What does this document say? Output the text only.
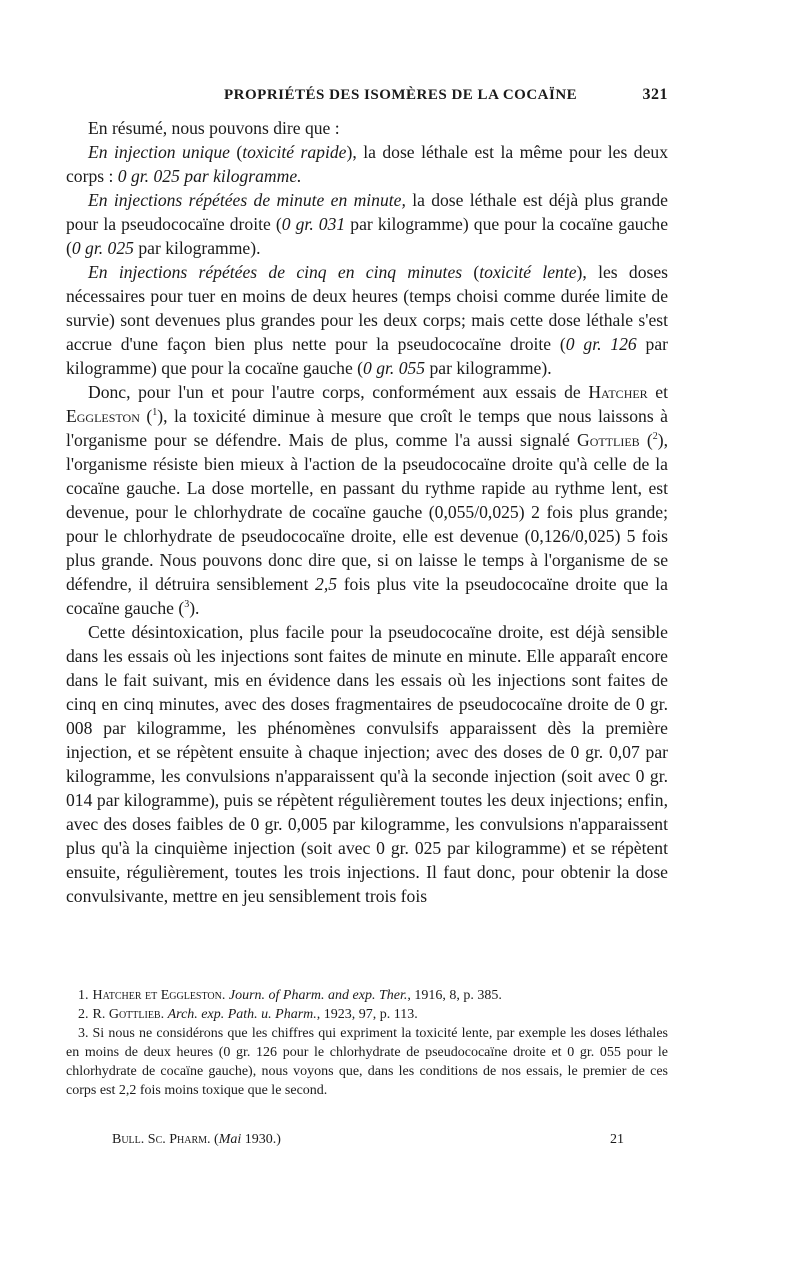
PROPRIÉTÉS DES ISOMÈRES DE LA COCAÏNE	321

En résumé, nous pouvons dire que :

En injection unique (toxicité rapide), la dose léthale est la même pour les deux corps : 0 gr. 025 par kilogramme.

En injections répétées de minute en minute, la dose léthale est déjà plus grande pour la pseudococaïne droite (0 gr. 031 par kilogramme) que pour la cocaïne gauche (0 gr. 025 par kilogramme).

En injections répétées de cinq en cinq minutes (toxicité lente), les doses nécessaires pour tuer en moins de deux heures (temps choisi comme durée limite de survie) sont devenues plus grandes pour les deux corps; mais cette dose léthale s'est accrue d'une façon bien plus nette pour la pseudococaïne droite (0 gr. 126 par kilogramme) que pour la cocaïne gauche (0 gr. 055 par kilogramme).

Donc, pour l'un et pour l'autre corps, conformément aux essais de Hatcher et Eggleston ($^1$), la toxicité diminue à mesure que croît le temps que nous laissons à l'organisme pour se défendre. Mais de plus, comme l'a aussi signalé Gottlieb ($^2$), l'organisme résiste bien mieux à l'action de la pseudococaïne droite qu'à celle de la cocaïne gauche. La dose mortelle, en passant du rythme rapide au rythme lent, est devenue, pour le chlorhydrate de cocaïne gauche (0,055/0,025) 2 fois plus grande; pour le chlorhydrate de pseudococaïne droite, elle est devenue (0,126/0,025) 5 fois plus grande. Nous pouvons donc dire que, si on laisse le temps à l'organisme de se défendre, il détruira sensiblement 2,5 fois plus vite la pseudococaïne droite que la cocaïne gauche ($^3$).

Cette désintoxication, plus facile pour la pseudococaïne droite, est déjà sensible dans les essais où les injections sont faites de minute en minute. Elle apparaît encore dans le fait suivant, mis en évidence dans les essais où les injections sont faites de cinq en cinq minutes, avec des doses fragmentaires de pseudococaïne droite de 0 gr. 008 par kilogramme, les phénomènes convulsifs apparaissent dès la première injection, et se répètent ensuite à chaque injection; avec des doses de 0 gr. 0,07 par kilogramme, les convulsions n'apparaissent qu'à la seconde injection (soit avec 0 gr. 014 par kilogramme), puis se répètent régulièrement toutes les deux injections; enfin, avec des doses faibles de 0 gr. 0,005 par kilogramme, les convulsions n'apparaissent plus qu'à la cinquième injection (soit avec 0 gr. 025 par kilogramme) et se répètent ensuite, régulièrement, toutes les trois injections. Il faut donc, pour obtenir la dose convulsivante, mettre en jeu sensiblement trois fois

1. Hatcher et Eggleston. Journ. of Pharm. and exp. Ther., 1916, 8, p. 385.

2. R. Gottlieb. Arch. exp. Path. u. Pharm., 1923, 97, p. 113.

3. Si nous ne considérons que les chiffres qui expriment la toxicité lente, par exemple les doses léthales en moins de deux heures (0 gr. 126 pour le chlorhydrate de pseudococaïne droite et 0 gr. 055 pour le chlorhydrate de cocaïne gauche), nous voyons que, dans les conditions de nos essais, le premier de ces corps est 2,2 fois moins toxique que le second.

Bull. Sc. Pharm. (Mai 1930.)	21
